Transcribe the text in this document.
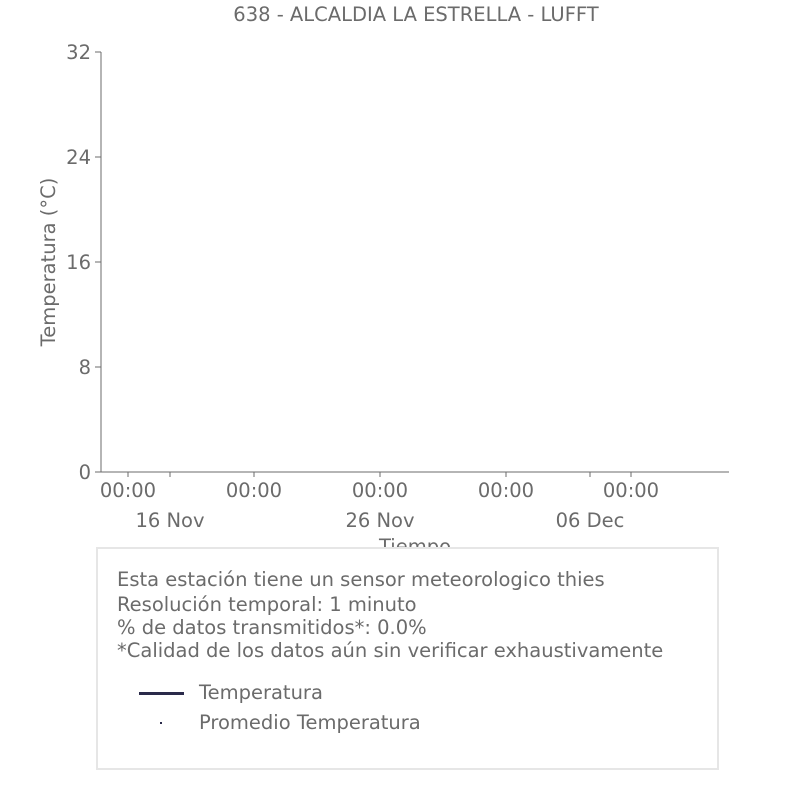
638 - ALCALDIA LA ESTRELLA - LUFFT
0
8
16
24
32
00:00	00:00	00:00	00:00	00:00
16 Nov	26 Nov	06 Dec
Temperatura (°C)
Esta estación tiene un sensor meteorologico thies
Resolución temporal: 1 minuto
% de datos transmitidos*: 0.0%
*Calidad de los datos aún sin verificar exhaustivamente
Temperatura
Promedio Temperatura
